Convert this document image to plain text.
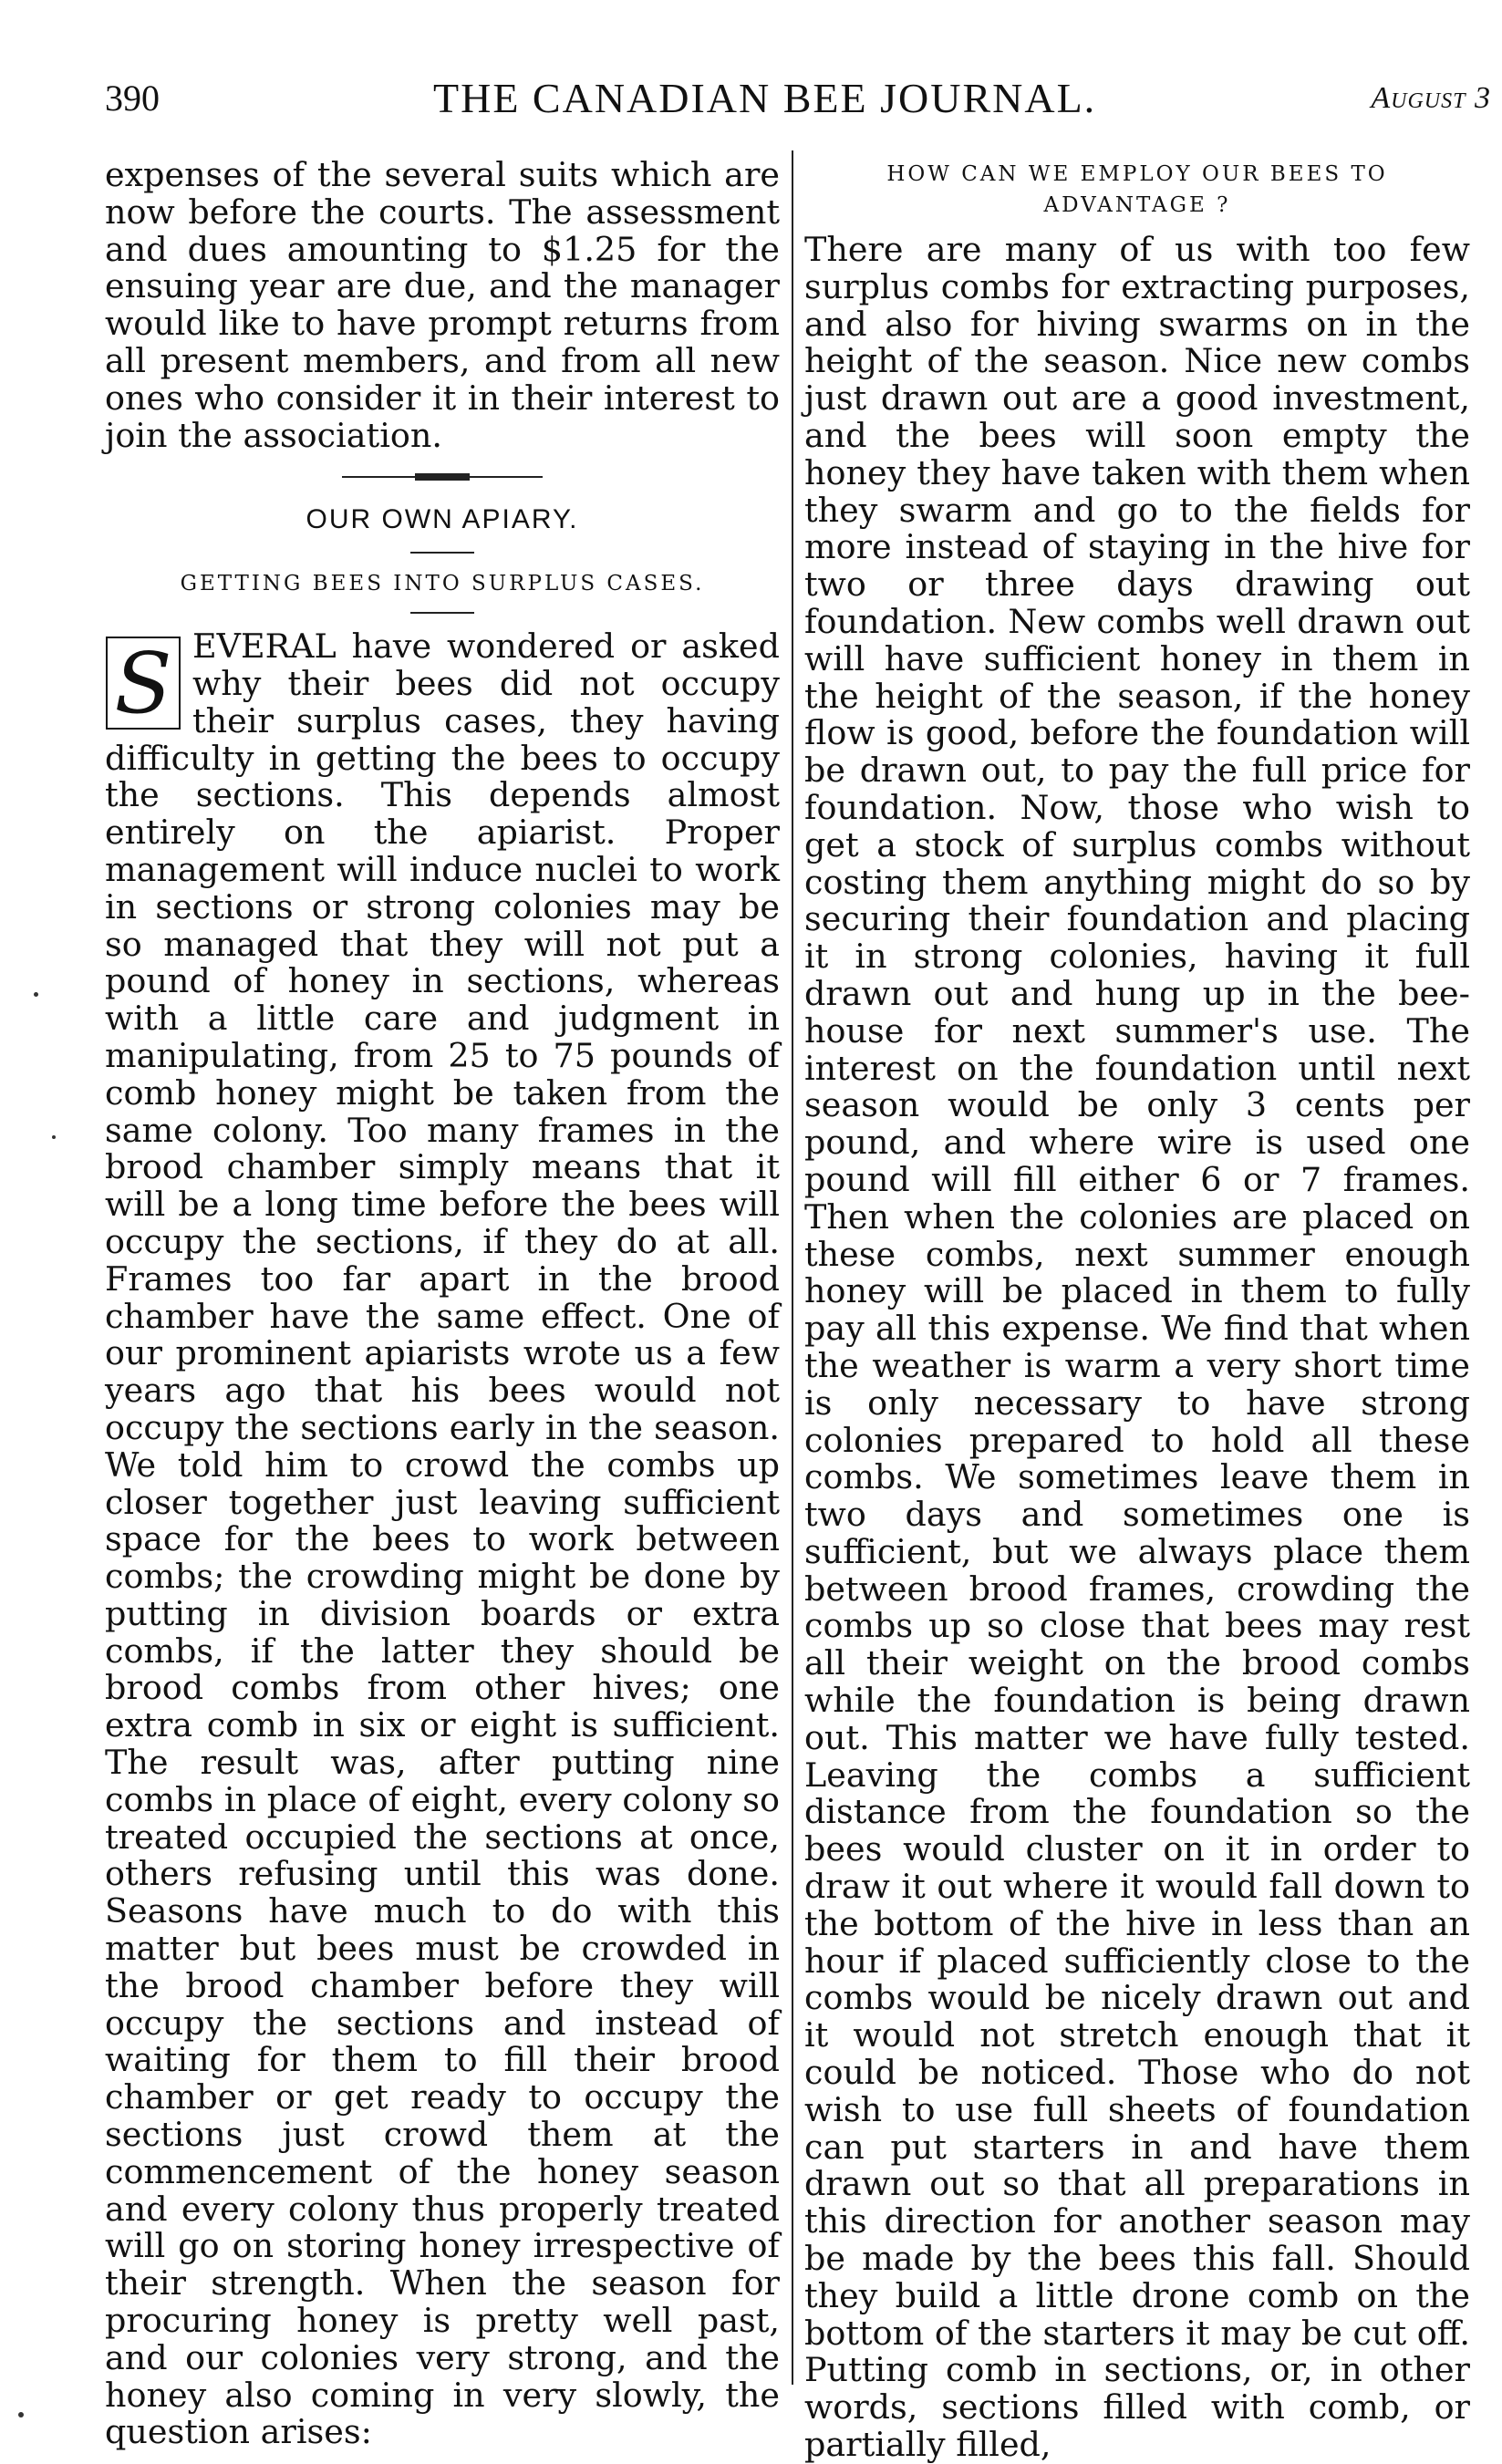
390	THE CANADIAN BEE JOURNAL.	August 3

expenses of the several suits which are now before the courts. The assessment and dues amounting to $1.25 for the ensuing year are due, and the manager would like to have prompt returns from all present members, and from all new ones who consider it in their interest to join the association.

OUR OWN APIARY.
GETTING BEES INTO SURPLUS CASES.
S EVERAL have wondered or asked why their bees did not occupy their surplus cases, they having difficulty in getting the bees to occupy the sections. This depends almost entirely on the apiarist. Proper management will induce nuclei to work in sections or strong colonies may be so managed that they will not put a pound of honey in sections, whereas with a little care and judgment in manipulating, from 25 to 75 pounds of comb honey might be taken from the same colony. Too many frames in the brood chamber simply means that it will be a long time before the bees will occupy the sections, if they do at all. Frames too far apart in the brood chamber have the same effect. One of our prominent apiarists wrote us a few years ago that his bees would not occupy the sections early in the season. We told him to crowd the combs up closer together just leaving sufficient space for the bees to work between combs; the crowding might be done by putting in division boards or extra combs, if the latter they should be brood combs from other hives; one extra comb in six or eight is sufficient. The result was, after putting nine combs in place of eight, every colony so treated occupied the sections at once, others refusing until this was done. Seasons have much to do with this matter but bees must be crowded in the brood chamber before they will occupy the sections and instead of waiting for them to fill their brood chamber or get ready to occupy the sections just crowd them at the commencement of the honey season and every colony thus properly treated will go on storing honey irrespective of their strength. When the season for procuring honey is pretty well past, and our colonies very strong, and the honey also coming in very slowly, the question arises:

HOW CAN WE EMPLOY OUR BEES TO ADVANTAGE ?

There are many of us with too few surplus combs for extracting purposes, and also for hiving swarms on in the height of the season. Nice new combs just drawn out are a good investment, and the bees will soon empty the honey they have taken with them when they swarm and go to the fields for more instead of staying in the hive for two or three days drawing out foundation. New combs well drawn out will have sufficient honey in them in the height of the season, if the honey flow is good, before the foundation will be drawn out, to pay the full price for foundation. Now, those who wish to get a stock of surplus combs without costing them anything might do so by securing their foundation and placing it in strong colonies, having it full drawn out and hung up in the bee-house for next summer's use. The interest on the foundation until next season would be only 3 cents per pound, and where wire is used one pound will fill either 6 or 7 frames. Then when the colonies are placed on these combs, next summer enough honey will be placed in them to fully pay all this expense. We find that when the weather is warm a very short time is only necessary to have strong colonies prepared to hold all these combs. We sometimes leave them in two days and sometimes one is sufficient, but we always place them between brood frames, crowding the combs up so close that bees may rest all their weight on the brood combs while the foundation is being drawn out. This matter we have fully tested. Leaving the combs a sufficient distance from the foundation so the bees would cluster on it in order to draw it out where it would fall down to the bottom of the hive in less than an hour if placed sufficiently close to the combs would be nicely drawn out and it would not stretch enough that it could be noticed. Those who do not wish to use full sheets of foundation can put starters in and have them drawn out so that all preparations in this direction for another season may be made by the bees this fall. Should they build a little drone comb on the bottom of the starters it may be cut off. Putting comb in sections, or, in other words, sections filled with comb, or partially filled,
